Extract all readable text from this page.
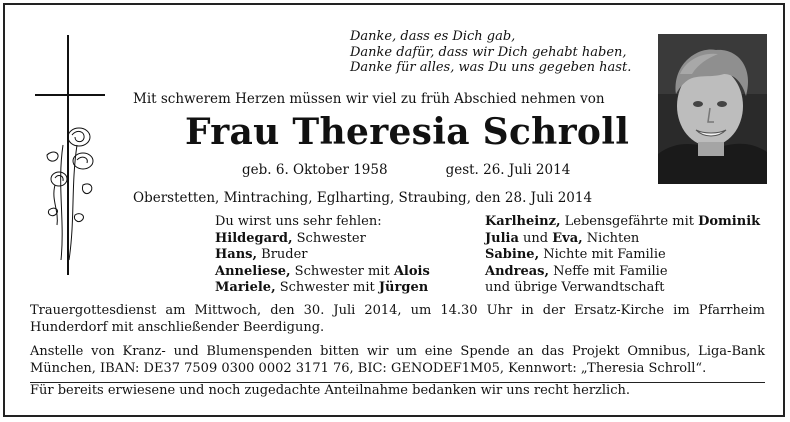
Danke, dass es Dich gab,
Danke dafür, dass wir Dich gehabt haben,
Danke für alles, was Du uns gegeben hast.
Mit schwerem Herzen müssen wir viel zu früh Abschied nehmen von
Frau Theresia Schroll
geb. 6. Oktober 1958	gest. 26. Juli 2014
Oberstetten, Mintraching, Eglharting, Straubing, den 28. Juli 2014
Du wirst uns sehr fehlen:
Hildegard, Schwester
Hans, Bruder
Anneliese, Schwester mit Alois
Mariele, Schwester mit Jürgen
Karlheinz, Lebensgefährte mit Dominik
Julia und Eva, Nichten
Sabine, Nichte mit Familie
Andreas, Neffe mit Familie
und übrige Verwandtschaft
Trauergottesdienst am Mittwoch, den 30. Juli 2014, um 14.30 Uhr in der Ersatz-Kirche im Pfarrheim Hunderdorf mit anschließender Beerdigung.
Anstelle von Kranz- und Blumenspenden bitten wir um eine Spende an das Projekt Omnibus, Liga-Bank München, IBAN: DE37 7509 0300 0002 3171 76, BIC: GENODEF1M05, Kennwort: „Theresia Schroll“.
Für bereits erwiesene und noch zugedachte Anteilnahme bedanken wir uns recht herzlich.
